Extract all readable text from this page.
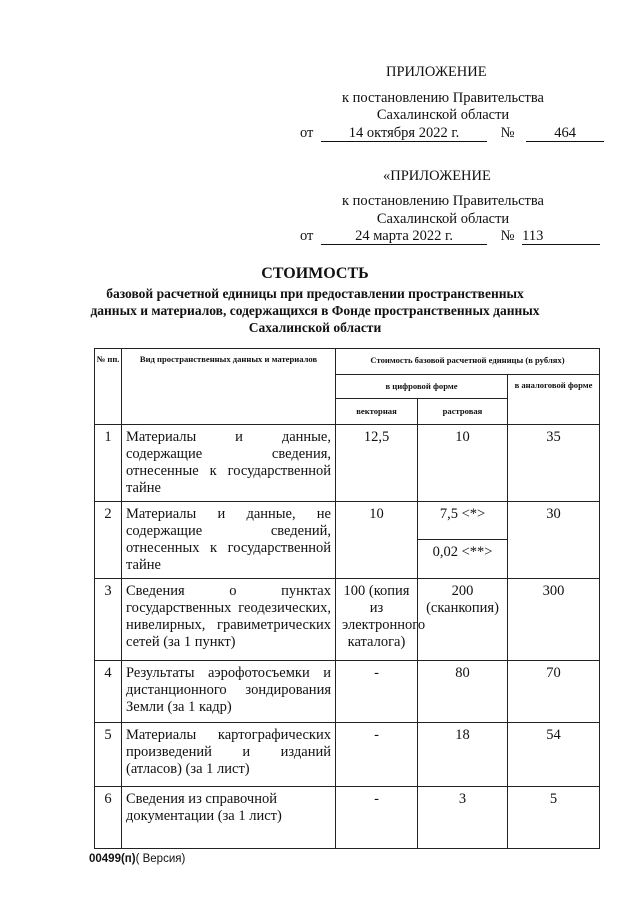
ПРИЛОЖЕНИЕ
к постановлению Правительства
Сахалинской области
от 14 октября 2022 г.	№	464
«ПРИЛОЖЕНИЕ
к постановлению Правительства
Сахалинской области
от	24 марта 2022 г.	№ 113
СТОИМОСТЬ
базовой расчетной единицы при предоставлении пространственных
данных и материалов, содержащихся в Фонде пространственных данных
Сахалинской области
№ пп.	Вид пространственных данных и материалов	Стоимость базовой расчетной единицы (в рублях)		
		в цифровой форме		в аналоговой форме
		векторная	растровая	
1	Материалы и данные, содержащие сведения, отнесенные к государственной тайне	12,5	10	35
2	Материалы и данные, не содержащие сведений, отнесенных к государственной тайне	10	7,5 <*>	30
			0,02 <**>	
3	Сведения о пунктах государственных геодезических, нивелирных, гравиметрических сетей (за 1 пункт)	100 (копия из электронного каталога)	200 (сканкопия)	300
4	Результаты аэрофотосъемки и дистанционного зондирования Земли (за 1 кадр)	-	80	70
5	Материалы картографических произведений и изданий (атласов) (за 1 лист)	-	18	54
6	Сведения из справочной документации (за 1 лист)	-	3	5
00499(п)( Версия)
